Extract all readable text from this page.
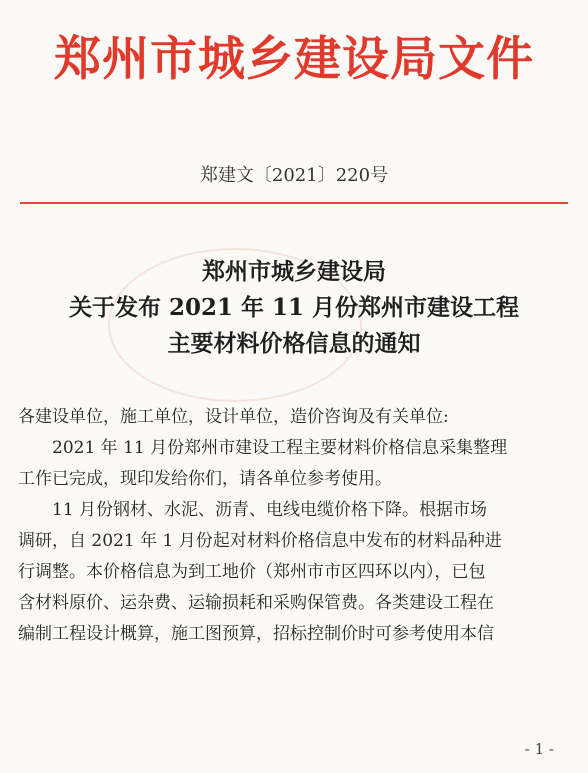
郑州市城乡建设局文件
郑建文〔2021〕220号
郑州市城乡建设局
关于发布 2021 年 11 月份郑州市建设工程
主要材料价格信息的通知

各建设单位，施工单位，设计单位，造价咨询及有关单位:

2021 年 11 月份郑州市建设工程主要材料价格信息采集整理

工作已完成，现印发给你们，请各单位参考使用。

11 月份钢材、水泥、沥青、电线电缆价格下降。根据市场

调研，自 2021 年 1 月份起对材料价格信息中发布的材料品种进

行调整。本价格信息为到工地价（郑州市市区四环以内），已包

含材料原价、运杂费、运输损耗和采购保管费。各类建设工程在

编制工程设计概算，施工图预算，招标控制价时可参考使用本信

- 1 -
